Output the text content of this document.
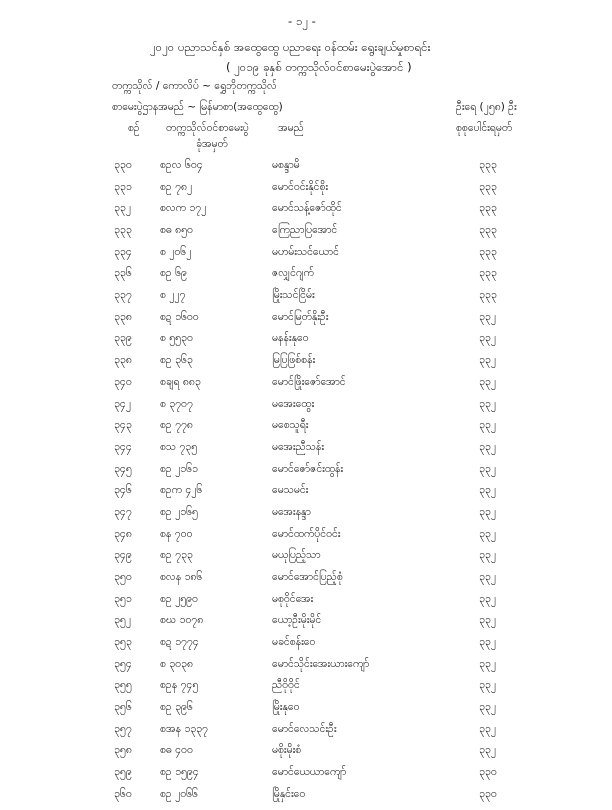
- ၁၂ -
၂၀၂၀ ပညာသင်နှစ် အထွေထွေ ပညာရေး ဝန်ထမ်း ရွေးချယ်မှုစာရင်း
( ၂၀၁၉ ခုနှစ် တက္ကသိုလ်ဝင်စာမေးပွဲအောင် )
တက္ကသိုလ် / ကောလိပ် ~ ရွှေဘိုတက္ကသိုလ်
စာမေးပွဲဌာနအမည် ~ မြန်မာစာ(အထွေထွေ)	ဦးရေ (၂၅၈) ဦး
စဉ်	တက္ကသိုလ်ဝင်စာမေးပွဲ
ခုံအမှတ်
အမည်	စုစုပေါင်းရမှတ်
၃၃၀	စဥလ ၆၀၄	မစန္ဒာမိ	၃၃၃
၃၃၁	စဥ ၇၈၂	မောင်ဝင်းနိုင်စိုး	၃၃၃
၃၃၂	စလက ၁၇၂	မောင်သန့်ဇော်ထိုင်	၃၃၃
၃၃၃	စဓ ၈၅၀	ကြေညာပြအောင်	၃၃၃
၃၃၄	စ ၂၀၆၂	မဟမ်းသင်ယောင်	၃၃၃
၃၃၆	စဥ ၆၉	ဇလျှင်ဂျက်	၃၃၃
၃၃၇	စ ၂၂၇	မြိုးသင်ငြိမ်း	၃၃၃
၃၃၈	စဍ ၁၆၀၀	မောင်မြတ်နိုးဦး	၃၃၂
၃၃၉	စ ၅၅၃၀	မနန်းနုဝေ	၃၃၂
၃၃၈	စဥ ၃၆၃	မြပြဖြစ်စန်း	၃၃၂
၃၄၀	စချရ ၈၈၃	မောင်ဖြိုးဇော်အောင်	၃၃၂
၃၄၂	စ ၃၇၀၇	မအေးထွေး	၃၃၂
၃၄၃	စဥ ၇၇၈	မစေသူရီး	၃၃၂
၃၄၄	စသ ၇၃၅	မအေးညီသန်း	၃၃၂
၃၄၅	စဥ ၂၁၆၁	မောင်ဇော်ဇင်းထွန်း	၃၃၂
၃၄၆	စဥက ၄၂၆	မေသမင်း	၃၃၂
၃၄၇	စဥ ၂၁၆၅	မအေးနန္ဒာ	၃၃၂
၃၄၈	စန ၇၀၀	မောင်ထက်ပိုင်ဝင်း	၃၃၂
၃၄၉	စဥ ၇၃၃	မယုပြည့်သာ	၃၃၂
၃၅၀	စလန ၁၈၆	မောင်အောင်ပြည့်စုံ	၃၃၂
၃၅၁	စဥ ၂၅၉၀	မစုဝိုင်အေး	၃၃၂
၃၅၂	စဃ ၁၀၇၈	ယော့ဦးမိုးမိုင်	၃၃၂
၃၅၃	စဍ ၁၇၇၄	မခင်စန်းဝေ	၃၃၂
၃၅၄	စ ၃၀၃၈	မောင်သိုင်းအေးယားကျော်	၃၃၂
၃၅၅	စဥန ၇၄၅	ညီဝိုဝိုင်	၃၃၂
၃၅၆	စဥ ၃၉၆	မြိုးနုဝေ	၃၃၂
၃၅၇	စအန ၁၃၃၇	မောင်လေသင်းဦး	၃၃၂
၃၅၈	စဓ ၄၀၀	မစိုးမိုးစံ	၃၃၂
၃၅၉	စဥ ၁၅၉၄	မောင်ယေယာကျော်	၃၃၀
၃၆၀	စဥ ၂၀၆၆	မြိုနှင်းဝေ	၃၃၀
